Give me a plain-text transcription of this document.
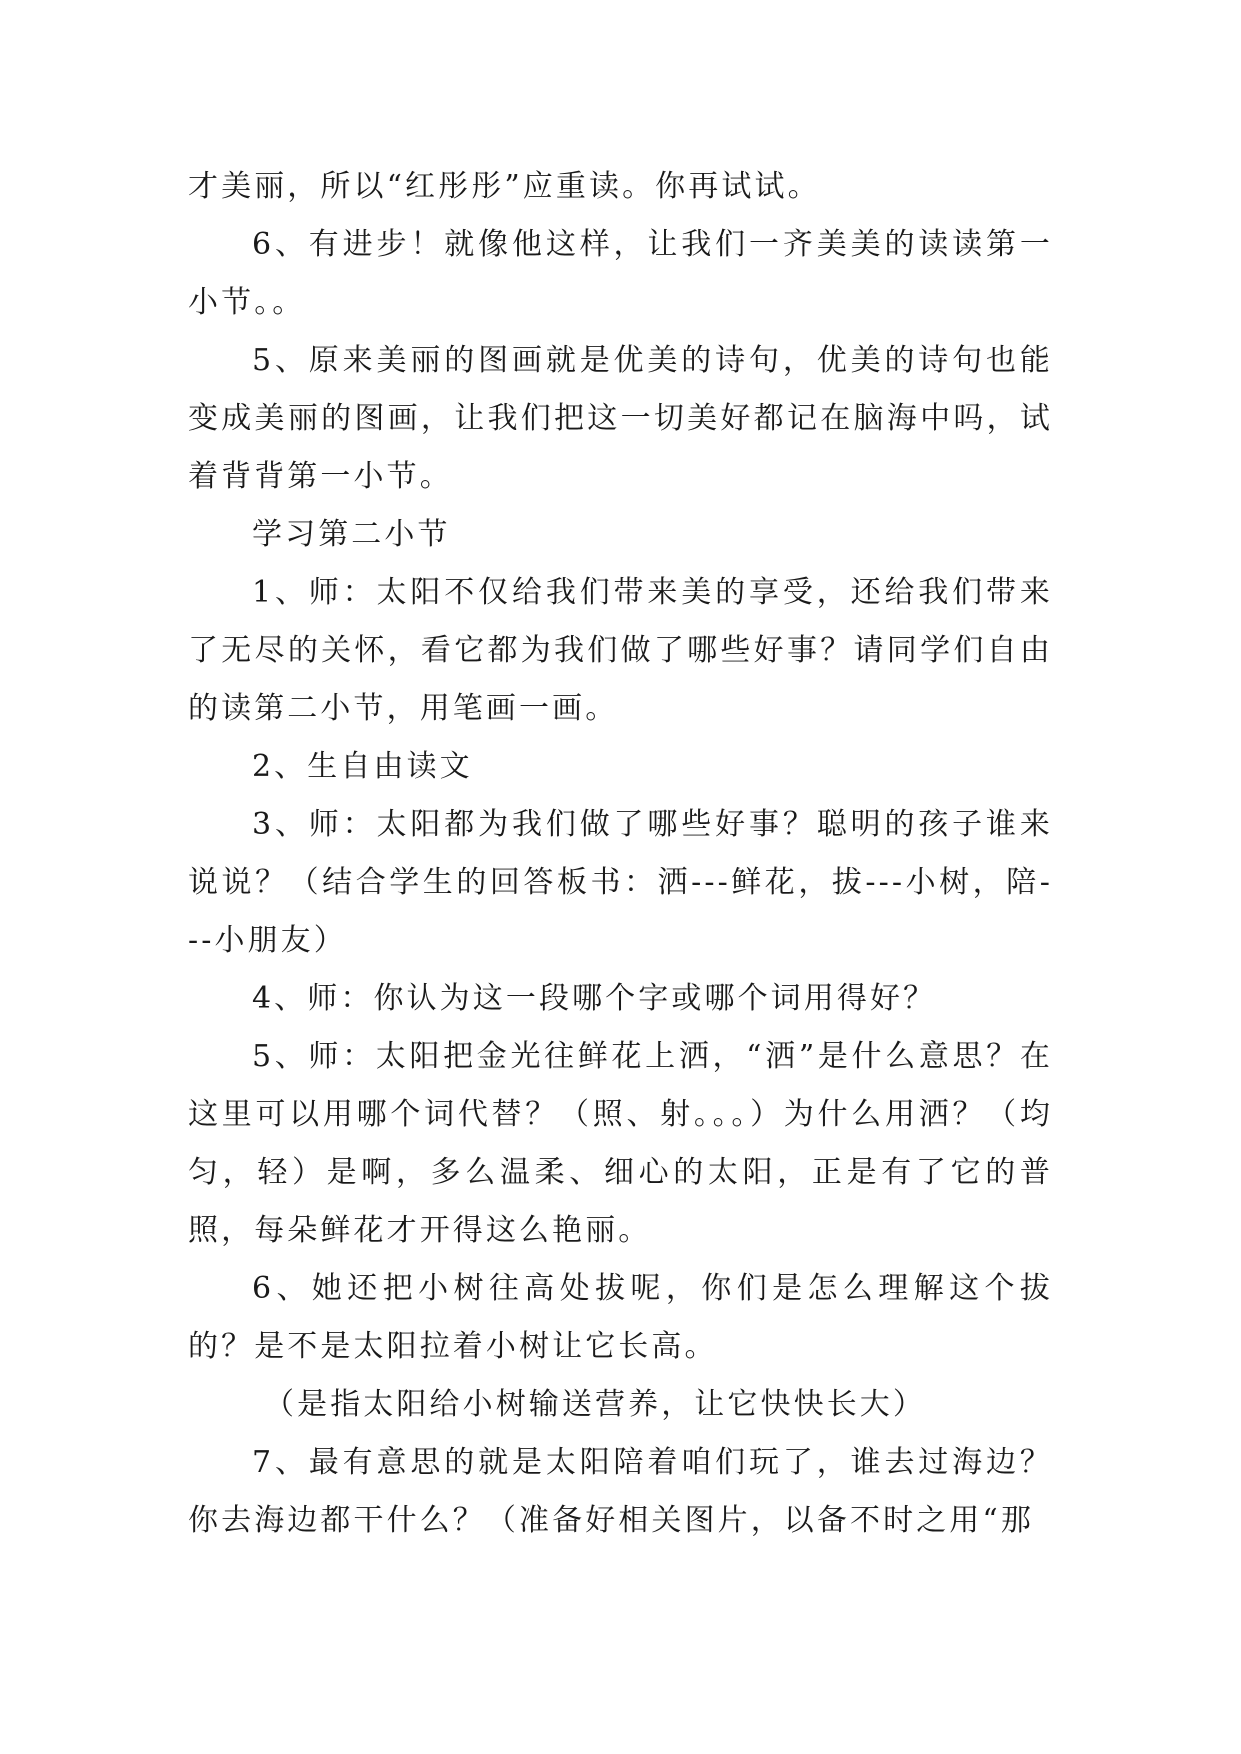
才美丽，所以“红彤彤”应重读。你再试试。

6、有进步！就像他这样，让我们一齐美美的读读第一小节。。

5、原来美丽的图画就是优美的诗句，优美的诗句也能变成美丽的图画，让我们把这一切美好都记在脑海中吗，试着背背第一小节。

学习第二小节

1、师：太阳不仅给我们带来美的享受，还给我们带来了无尽的关怀，看它都为我们做了哪些好事？请同学们自由的读第二小节，用笔画一画。

2、生自由读文

3、师：太阳都为我们做了哪些好事？聪明的孩子谁来说说？（结合学生的回答板书：洒---鲜花，拔---小树，陪---小朋友）

4、师：你认为这一段哪个字或哪个词用得好？

5、师：太阳把金光往鲜花上洒，“洒”是什么意思？在这里可以用哪个词代替？（照、射。。。）为什么用洒？（均匀，轻）是啊，多么温柔、细心的太阳，正是有了它的普照，每朵鲜花才开得这么艳丽。

6、她还把小树往高处拔呢，你们是怎么理解这个拔的？是不是太阳拉着小树让它长高。

（是指太阳给小树输送营养，让它快快长大）

7、最有意思的就是太阳陪着咱们玩了，谁去过海边？你去海边都干什么？（准备好相关图片，以备不时之用“那
